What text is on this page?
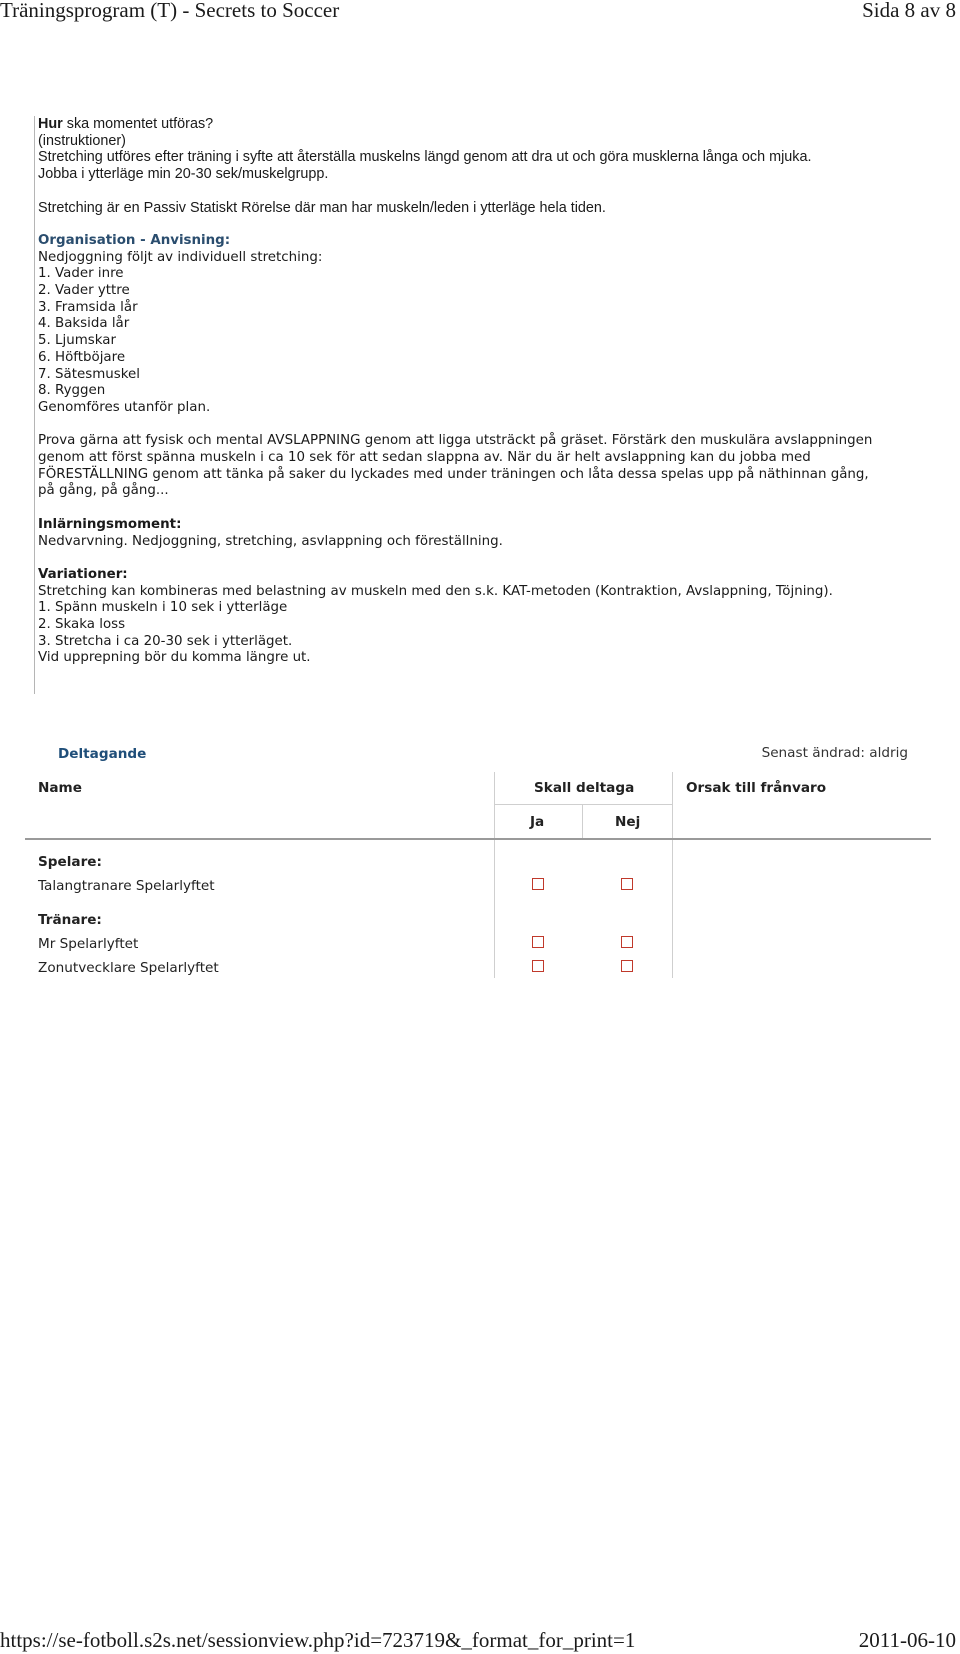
Träningsprogram (T) - Secrets to Soccer	Sida 8 av 8
Hur ska momentet utföras?
(instruktioner)
Stretching utföres efter träning i syfte att återställa muskelns längd genom att dra ut och göra musklerna långa och mjuka.
Jobba i ytterläge min 20-30 sek/muskelgrupp.
Stretching är en Passiv Statiskt Rörelse där man har muskeln/leden i ytterläge hela tiden.
Organisation - Anvisning:
Nedjoggning följt av individuell stretching:
1. Vader inre
2. Vader yttre
3. Framsida lår
4. Baksida lår
5. Ljumskar
6. Höftböjare
7. Sätesmuskel
8. Ryggen
Genomföres utanför plan.
Prova gärna att fysisk och mental AVSLAPPNING genom att ligga utsträckt på gräset. Förstärk den muskulära avslappningen
genom att först spänna muskeln i ca 10 sek för att sedan slappna av. När du är helt avslappning kan du jobba med
FÖRESTÄLLNING genom att tänka på saker du lyckades med under träningen och låta dessa spelas upp på näthinnan gång,
på gång, på gång...
Inlärningsmoment:
Nedvarvning. Nedjoggning, stretching, asvlappning och föreställning.
Variationer:
Stretching kan kombineras med belastning av muskeln med den s.k. KAT-metoden (Kontraktion, Avslappning, Töjning).
1. Spänn muskeln i 10 sek i ytterläge
2. Skaka loss
3. Stretcha i ca 20-30 sek i ytterläget.
Vid upprepning bör du komma längre ut.
Deltagande	Senast ändrad: aldrig
Name	Skall deltaga	Orsak till frånvaro
Ja	Nej
Spelare:
Talangtranare Spelarlyftet
Tränare:
Mr Spelarlyftet
Zonutvecklare Spelarlyftet
https://se-fotboll.s2s.net/sessionview.php?id=723719&_format_for_print=1	2011-06-10
